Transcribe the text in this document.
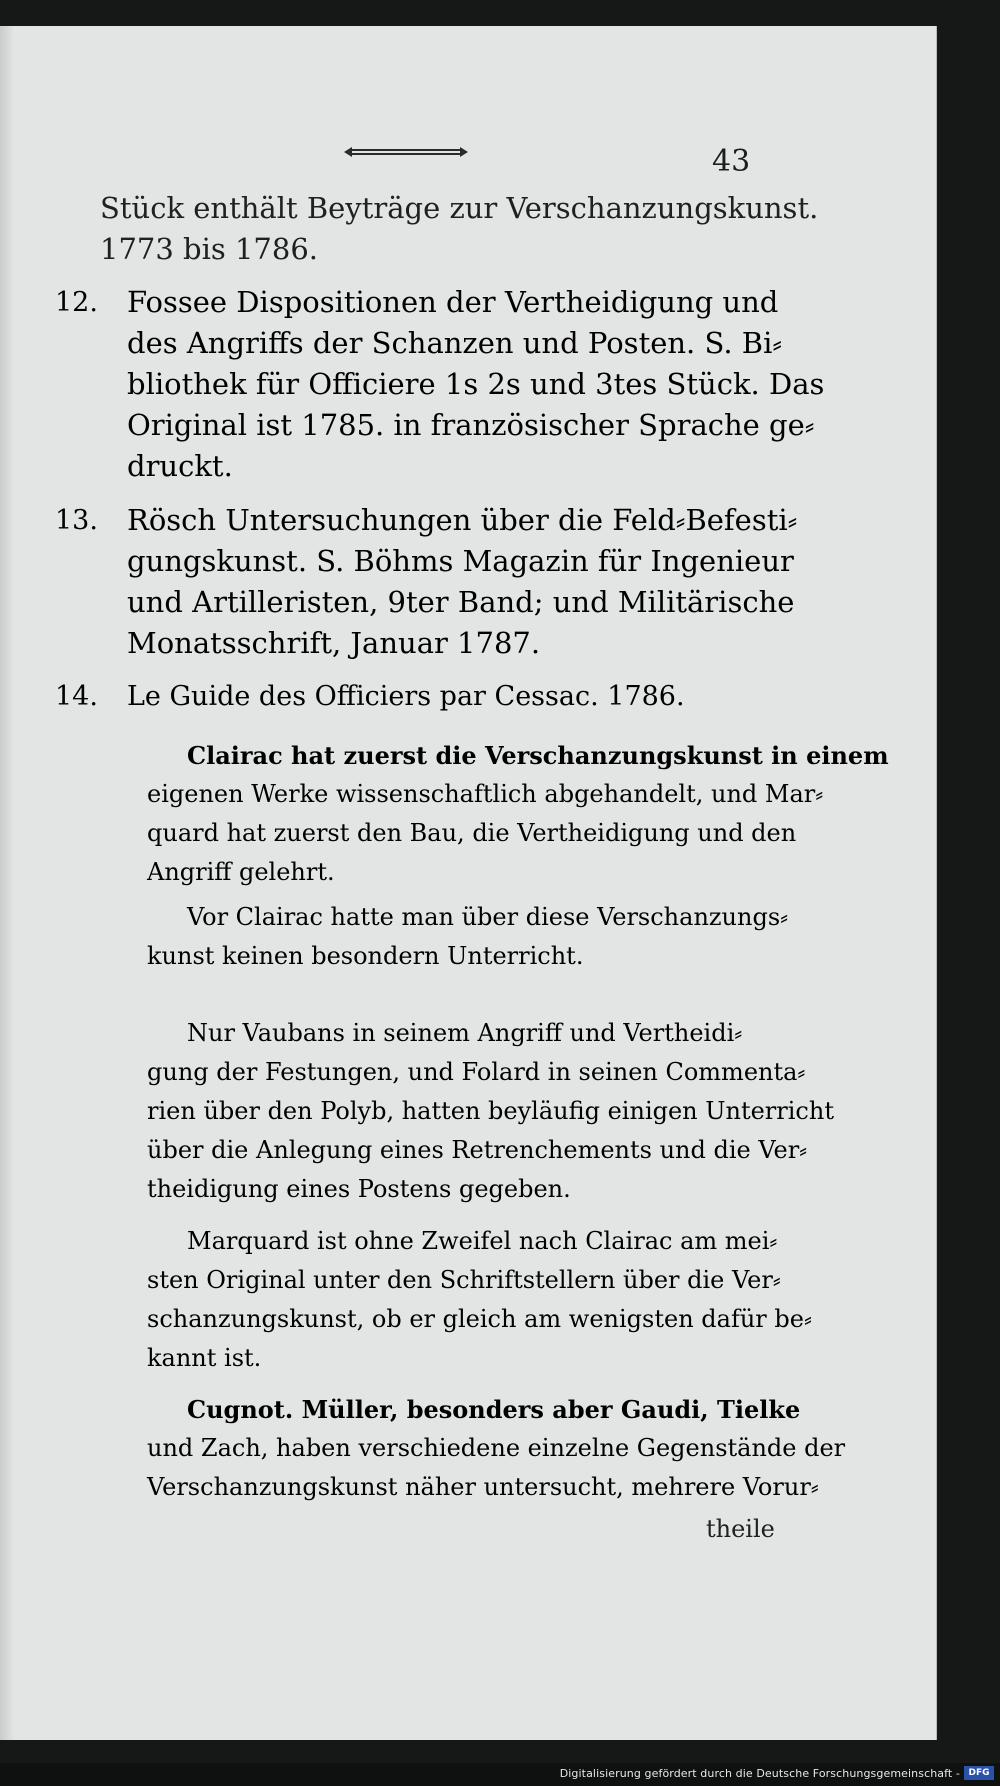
43
Stück enthält Beyträge zur Verschanzungskunst.
1773 bis 1786.
12. Fossee Dispositionen der Vertheidigung und
des Angriffs der Schanzen und Posten. S. Bi⸗
bliothek für Officiere 1s 2s und 3tes Stück. Das
Original ist 1785. in französischer Sprache ge⸗
druckt.
13. Rösch Untersuchungen über die Feld⸗Befesti⸗
gungskunst. S. Böhms Magazin für Ingenieur
und Artilleristen, 9ter Band; und Militärische
Monatsschrift, Januar 1787.
14. Le Guide des Officiers par Cessac. 1786.
Clairac hat zuerst die Verschanzungskunst in einem
eigenen Werke wissenschaftlich abgehandelt, und Mar⸗
quard hat zuerst den Bau, die Vertheidigung und den
Angriff gelehrt.
Vor Clairac hatte man über diese Verschanzungs⸗
kunst keinen besondern Unterricht.
Nur Vaubans in seinem Angriff und Vertheidi⸗
gung der Festungen, und Folard in seinen Commenta⸗
rien über den Polyb, hatten beyläufig einigen Unterricht
über die Anlegung eines Retrenchements und die Ver⸗
theidigung eines Postens gegeben.
Marquard ist ohne Zweifel nach Clairac am mei⸗
sten Original unter den Schriftstellern über die Ver⸗
schanzungskunst, ob er gleich am wenigsten dafür be⸗
kannt ist.
Cugnot. Müller, besonders aber Gaudi, Tielke
und Zach, haben verschiedene einzelne Gegenstände der
Verschanzungskunst näher untersucht, mehrere Vorur⸗
theile
Digitalisierung gefördert durch die Deutsche Forschungsgemeinschaft - DFG
